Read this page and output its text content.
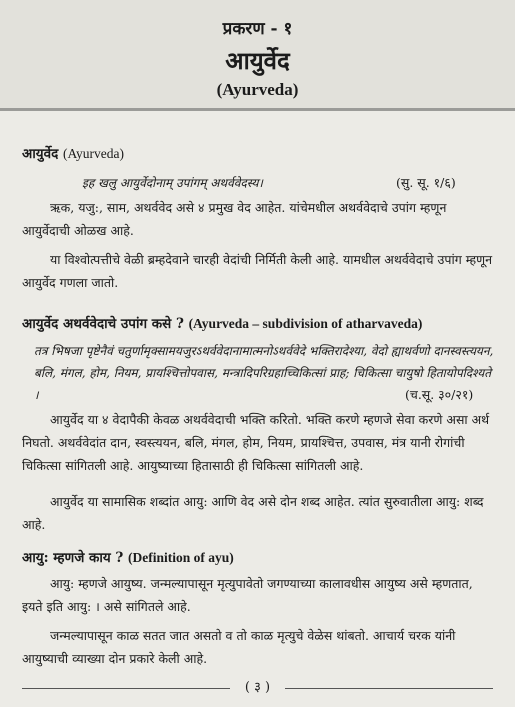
प्रकरण - १
आयुर्वेद
(Ayurveda)
आयुर्वेद (Ayurveda)
इह खलु आयुर्वेदोनाम् उपांगम् अथर्ववेदस्य।	(सु. सू. १/६)
ऋक, यजु:, साम, अथर्ववेद असे ४ प्रमुख वेद आहेत. यांचेमधील अथर्ववेदाचे उपांग म्हणून आयुर्वेदाची ओळख आहे.
या विश्वोत्पत्तीचे वेळी ब्रम्हदेवाने चारही वेदांची निर्मिती केली आहे. यामधील अथर्ववेदाचे उपांग म्हणून आयुर्वेद गणला जातो.
आयुर्वेद अथर्ववेदाचे उपांग कसे ? (Ayurveda – subdivision of atharvaveda)
तत्र भिषजा पृष्टेनैवं चतुर्णामृक्सामयजुरऽथर्ववेदानामात्मनोऽथर्ववेदे भक्तिरादेश्या, वेदो ह्याथर्वणो दानस्वस्त्ययन, बलि, मंगल, होम, नियम, प्रायश्चित्तोपवास, मन्त्रादिपरिग्रहाच्चिकित्सां प्राह; चिकित्सा चायुषो हितायोपदिश्यते ।	(च.सू. ३०/२१)
आयुर्वेद या ४ वेदापैकी केवळ अथर्ववेदाची भक्ति करितो. भक्ति करणे म्हणजे सेवा करणे असा अर्थ निघतो. अथर्ववेदांत दान, स्वस्त्ययन, बलि, मंगल, होम, नियम, प्रायश्चित्त, उपवास, मंत्र यानी रोगांची चिकित्सा सांगितली आहे. आयुष्याच्या हितासाठी ही चिकित्सा सांगितली आहे.
आयुर्वेद या सामासिक शब्दांत आयु: आणि वेद असे दोन शब्द आहेत. त्यांत सुरुवातीला आयु: शब्द आहे.
आयु: म्हणजे काय ? (Definition of ayu)
आयु: म्हणजे आयुष्य. जन्मल्यापासून मृत्युपावेतो जगण्याच्या कालावधीस आयुष्य असे म्हणतात, इयते इति आयु: । असे सांगितले आहे.
जन्मल्यापासून काळ सतत जात असतो व तो काळ मृत्युचे वेळेस थांबतो. आचार्य चरक यांनी आयुष्याची व्याख्या दोन प्रकारे केली आहे.
( ३ )
